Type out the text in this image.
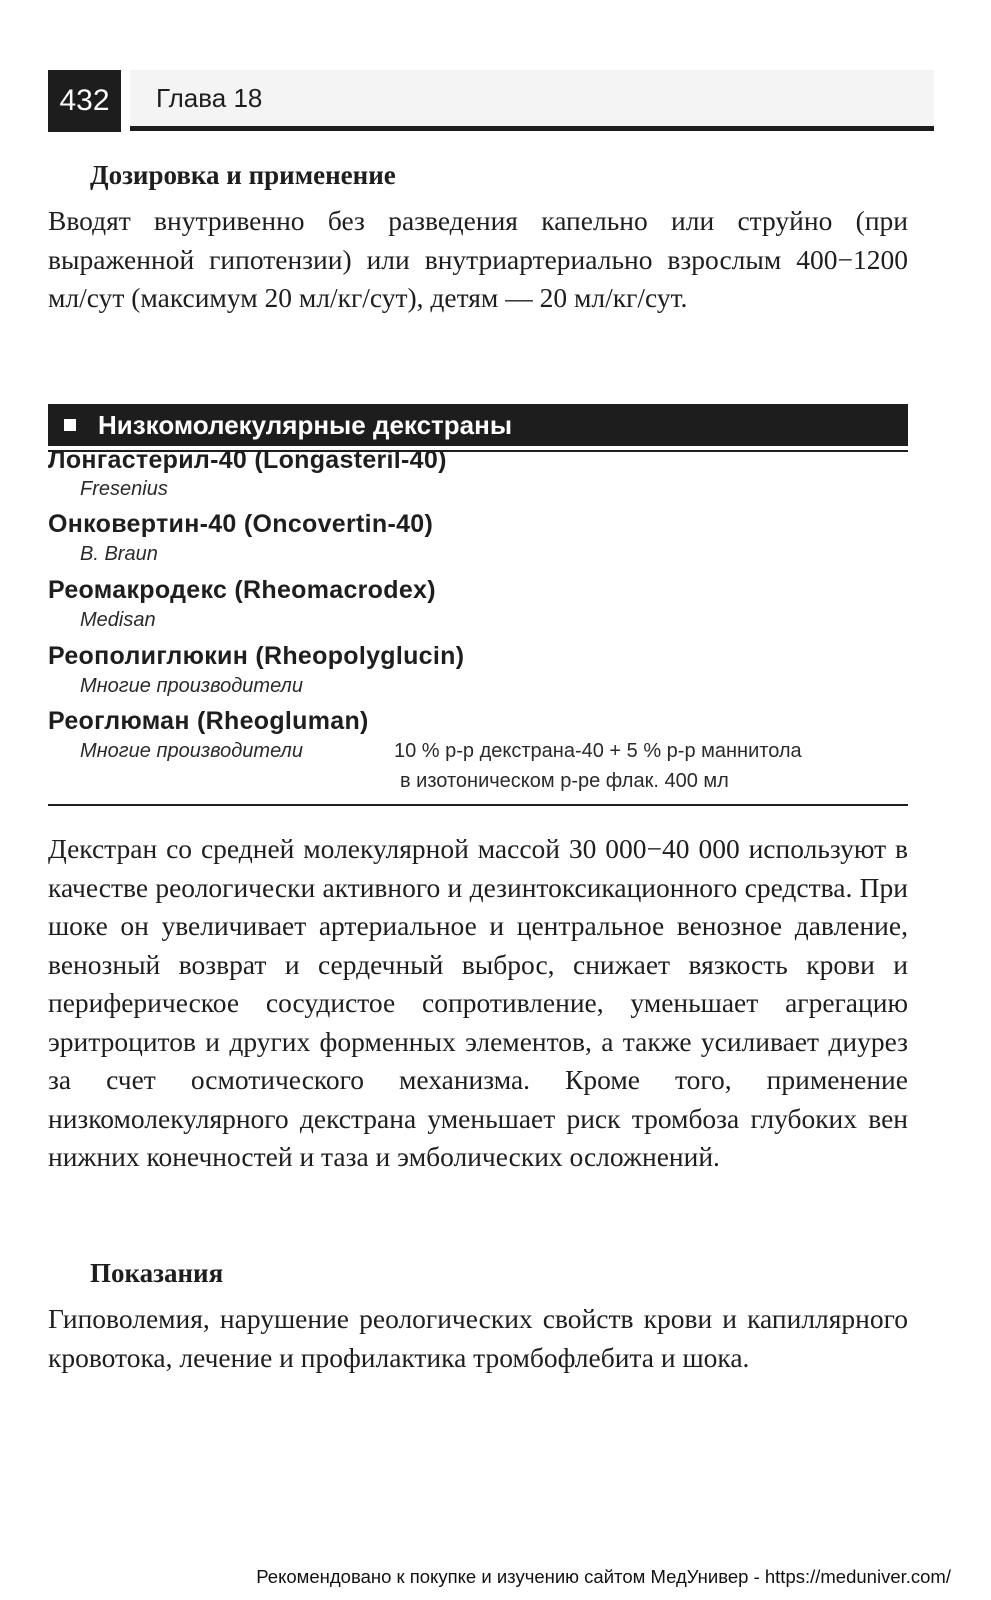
432	Глава 18
Дозировка и применение

Вводят внутривенно без разведения капельно или струйно (при выраженной гипотензии) или внутриартериально взрослым 400−1200 мл/сут (максимум 20 мл/кг/сут), детям — 20 мл/кг/сут.

Низкомолекулярные декстраны
Лонгастерил-40 (Longasteril-40)
Fresenius
Онковертин-40 (Oncovertin-40)
B. Braun
Реомакродекс (Rheomacrodex)
Medisan
Реополиглюкин (Rheopolyglucin)
Многие производители
Реоглюман (Rheogluman)
Многие производители	10 % р-р декстрана-40 + 5 % р-р маннитола
в изотоническом р-ре флак. 400 мл

Декстран со средней молекулярной массой 30 000−40 000 используют в качестве реологически активного и дезинтоксикационного средства. При шоке он увеличивает артериальное и центральное венозное давление, венозный возврат и сердечный выброс, снижает вязкость крови и периферическое сосудистое сопротивление, уменьшает агрегацию эритроцитов и других форменных элементов, а также усиливает диурез за счет осмотического механизма. Кроме того, применение низкомолекулярного декстрана уменьшает риск тромбоза глубоких вен нижних конечностей и таза и эмболических осложнений.

Показания

Гиповолемия, нарушение реологических свойств крови и капиллярного кровотока, лечение и профилактика тромбофлебита и шока.

Рекомендовано к покупке и изучению сайтом МедУнивер - https://meduniver.com/
